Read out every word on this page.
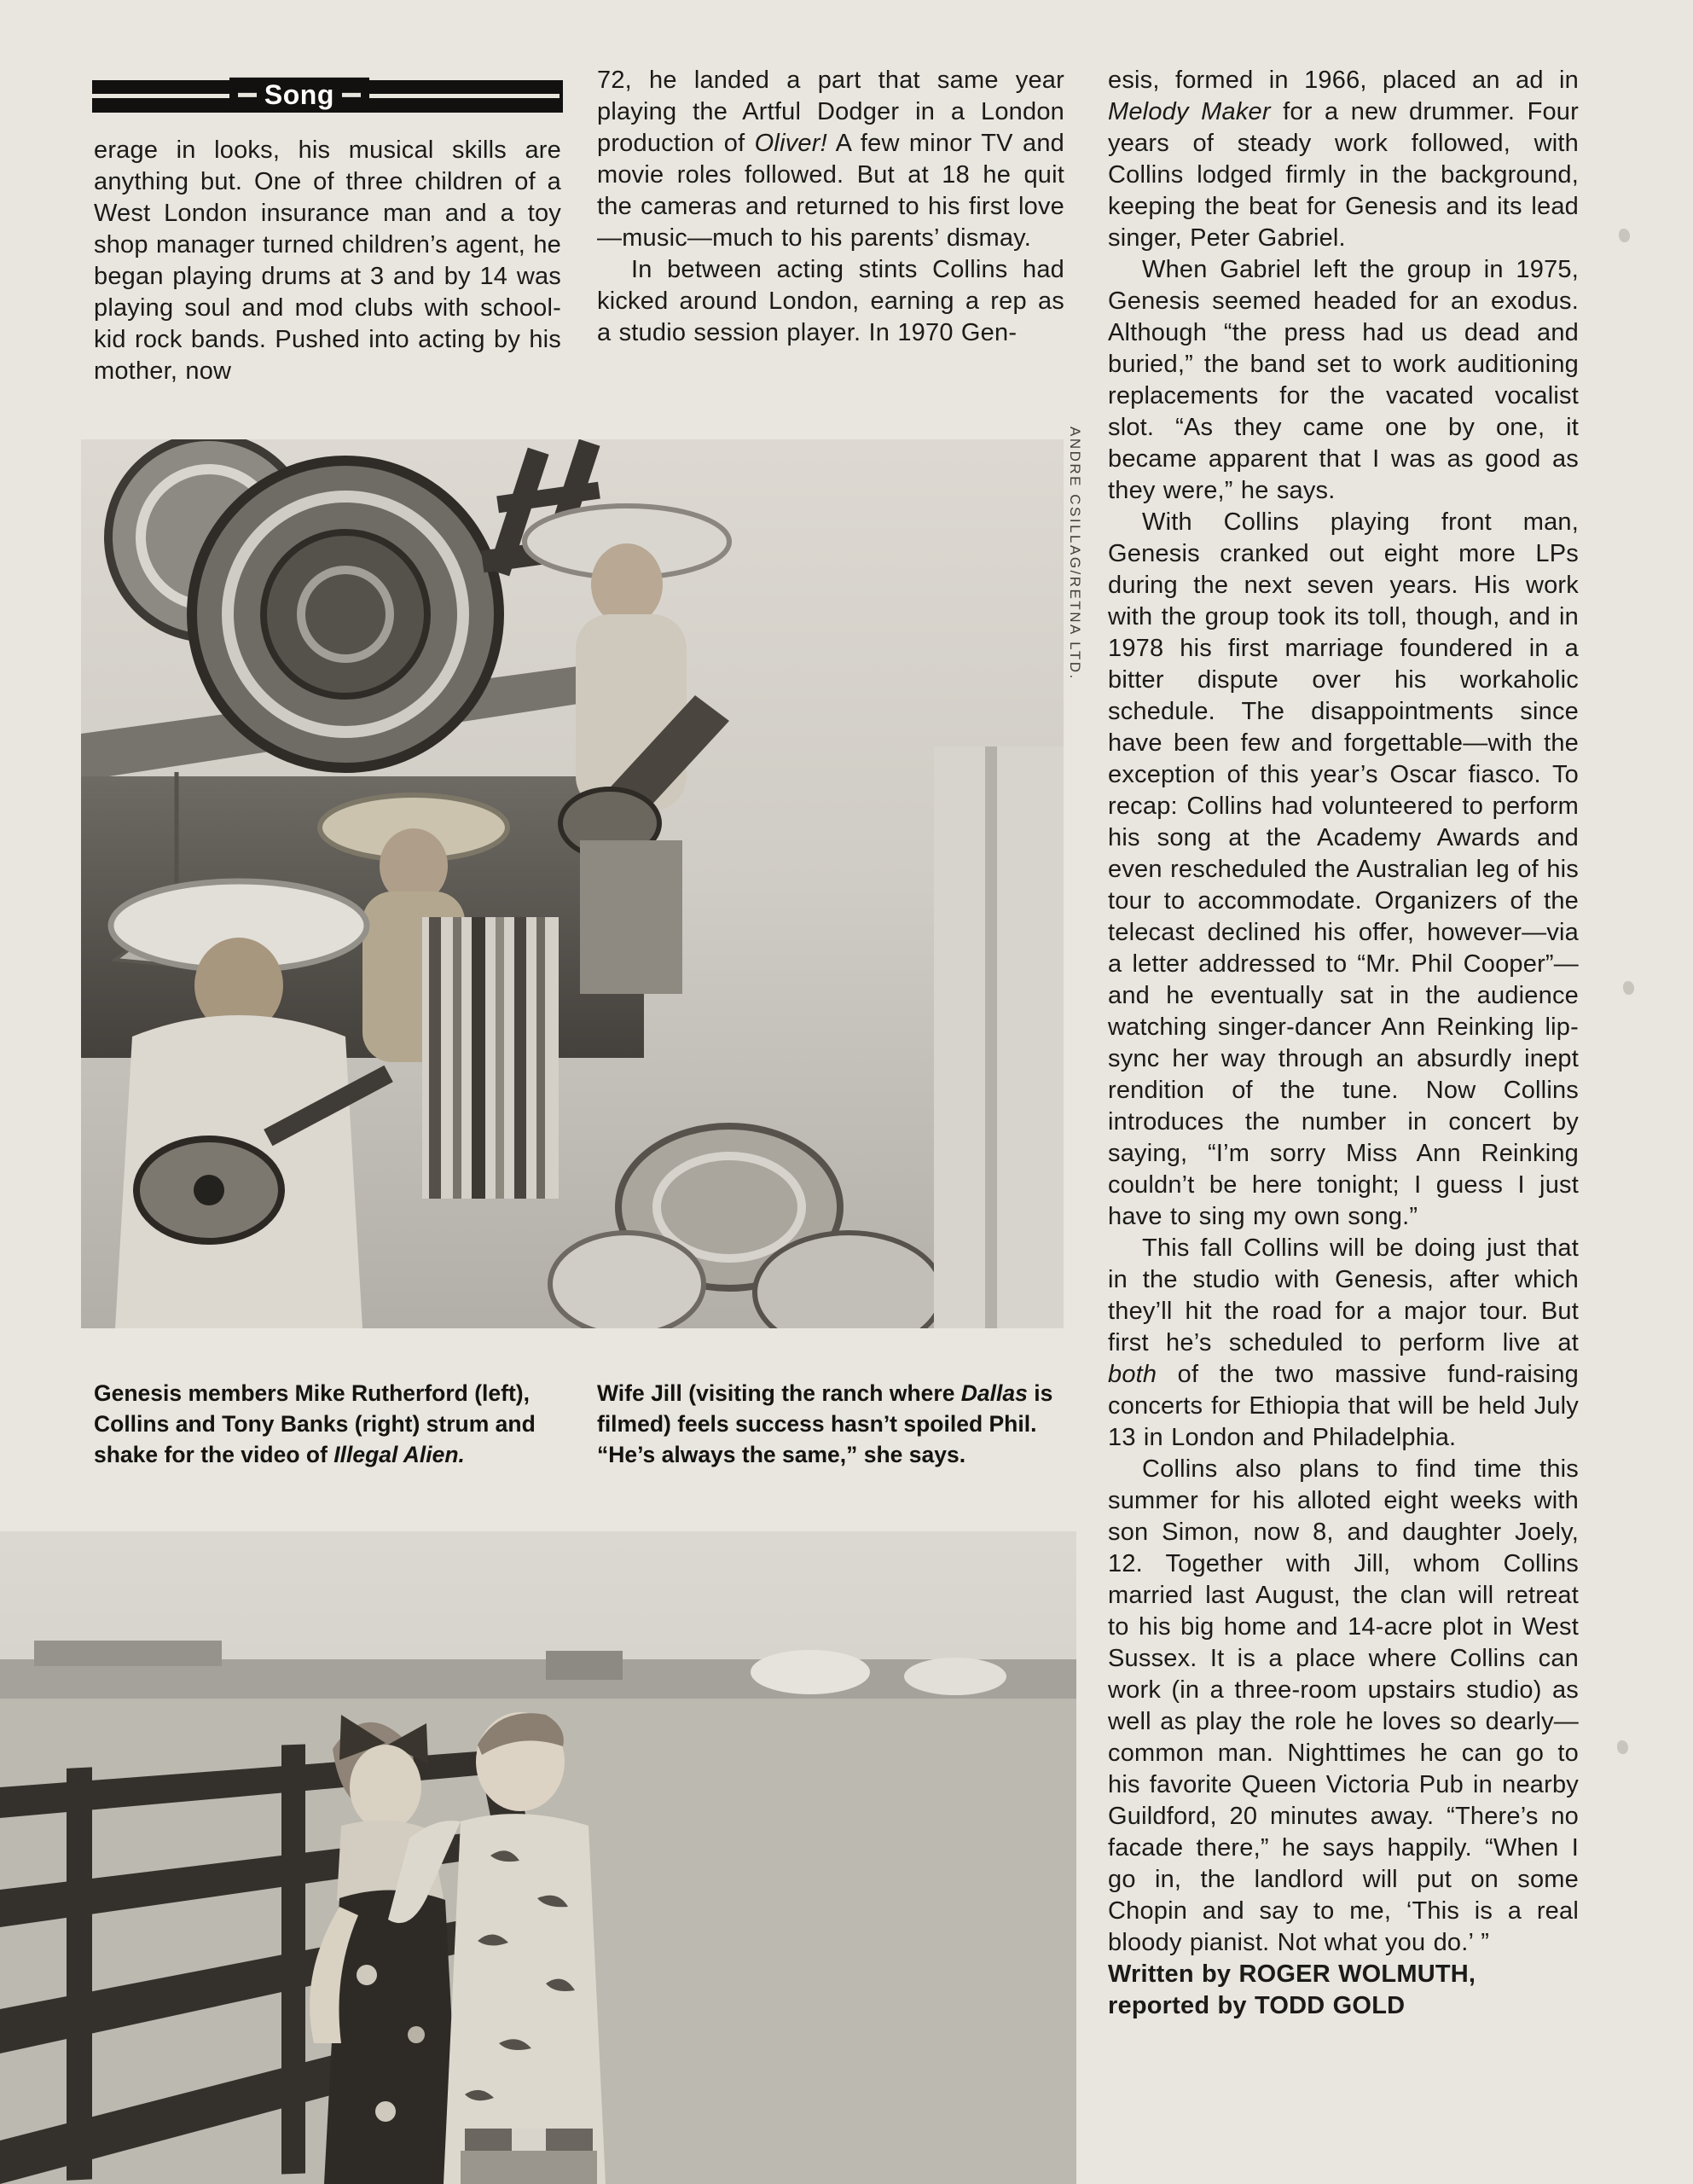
Song

erage in looks, his musical skills are anything but. One of three children of a West London insurance man and a toy shop manager turned children’s agent, he began playing drums at 3 and by 14 was playing soul and mod clubs with school-kid rock bands. Pushed into acting by his mother, now

72, he landed a part that same year playing the Artful Dodger in a London production of Oliver! A few minor TV and movie roles followed. But at 18 he quit the cameras and returned to his first love—music—much to his parents’ dismay.

In between acting stints Collins had kicked around London, earning a rep as a studio session player. In 1970 Gen-

esis, formed in 1966, placed an ad in Melody Maker for a new drummer. Four years of steady work followed, with Collins lodged firmly in the background, keeping the beat for Genesis and its lead singer, Peter Gabriel.

When Gabriel left the group in 1975, Genesis seemed headed for an exodus. Although “the press had us dead and buried,” the band set to work auditioning replacements for the vacated vocalist slot. “As they came one by one, it became apparent that I was as good as they were,” he says.

With Collins playing front man, Genesis cranked out eight more LPs during the next seven years. His work with the group took its toll, though, and in 1978 his first marriage foundered in a bitter dispute over his workaholic schedule. The disappointments since have been few and forgettable—with the exception of this year’s Oscar fiasco. To recap: Collins had volunteered to perform his song at the Academy Awards and even rescheduled the Australian leg of his tour to accommodate. Organizers of the telecast declined his offer, however—via a letter addressed to “Mr. Phil Cooper”—and he eventually sat in the audience watching singer-dancer Ann Reinking lip-sync her way through an absurdly inept rendition of the tune. Now Collins introduces the number in concert by saying, “I’m sorry Miss Ann Reinking couldn’t be here tonight; I guess I just have to sing my own song.”

This fall Collins will be doing just that in the studio with Genesis, after which they’ll hit the road for a major tour. But first he’s scheduled to perform live at both of the two massive fund-raising concerts for Ethiopia that will be held July 13 in London and Philadelphia.

Collins also plans to find time this summer for his alloted eight weeks with son Simon, now 8, and daughter Joely, 12. Together with Jill, whom Collins married last August, the clan will retreat to his big home and 14-acre plot in West Sussex. It is a place where Collins can work (in a three-room upstairs studio) as well as play the role he loves so dearly—common man. Nighttimes he can go to his favorite Queen Victoria Pub in nearby Guildford, 20 minutes away. “There’s no facade there,” he says happily. “When I go in, the landlord will put on some Chopin and say to me, ‘This is a real bloody pianist. Not what you do.’ ”

Written by ROGER WOLMUTH, reported by TODD GOLD

ANDRE CSILLAG/RETNA LTD.

Genesis members Mike Rutherford (left), Collins and Tony Banks (right) strum and shake for the video of Illegal Alien.

Wife Jill (visiting the ranch where Dallas is filmed) feels success hasn’t spoiled Phil. “He’s always the same,” she says.
